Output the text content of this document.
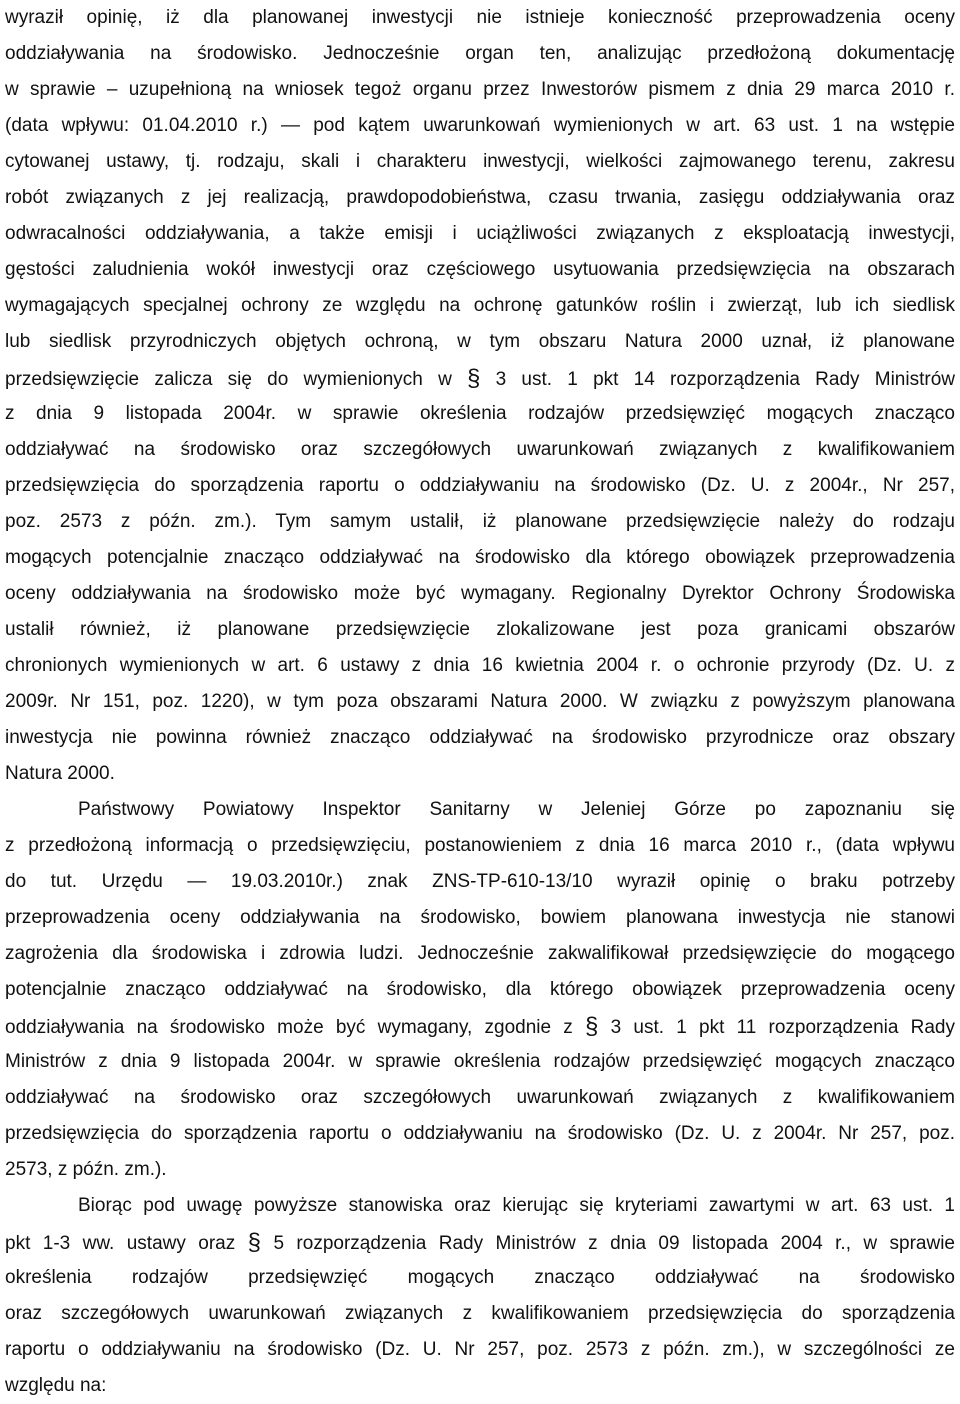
wyraził opinię, iż dla planowanej inwestycji nie istnieje konieczność przeprowadzenia oceny
oddziaływania na środowisko. Jednocześnie organ ten, analizując przedłożoną dokumentację
w sprawie – uzupełnioną na wniosek tegoż organu przez Inwestorów pismem z dnia 29 marca 2010 r.
(data wpływu: 01.04.2010 r.) — pod kątem uwarunkowań wymienionych w art. 63 ust. 1 na wstępie
cytowanej ustawy, tj. rodzaju, skali i charakteru inwestycji, wielkości zajmowanego terenu, zakresu
robót związanych z jej realizacją, prawdopodobieństwa, czasu trwania, zasięgu oddziaływania oraz
odwracalności oddziaływania, a także emisji i uciążliwości związanych z eksploatacją inwestycji,
gęstości zaludnienia wokół inwestycji oraz częściowego usytuowania przedsięwzięcia na obszarach
wymagających specjalnej ochrony ze względu na ochronę gatunków roślin i zwierząt, lub ich siedlisk
lub siedlisk przyrodniczych objętych ochroną, w tym obszaru Natura 2000 uznał, iż planowane
przedsięwzięcie zalicza się do wymienionych w § 3 ust. 1 pkt 14 rozporządzenia Rady Ministrów
z dnia 9 listopada 2004r. w sprawie określenia rodzajów przedsięwzięć mogących znacząco
oddziaływać na środowisko oraz szczegółowych uwarunkowań związanych z kwalifikowaniem
przedsięwzięcia do sporządzenia raportu o oddziaływaniu na środowisko (Dz. U. z 2004r., Nr 257,
poz. 2573 z późn. zm.). Tym samym ustalił, iż planowane przedsięwzięcie należy do rodzaju
mogących potencjalnie znacząco oddziaływać na środowisko dla którego obowiązek przeprowadzenia
oceny oddziaływania na środowisko może być wymagany. Regionalny Dyrektor Ochrony Środowiska
ustalił również, iż planowane przedsięwzięcie zlokalizowane jest poza granicami obszarów
chronionych wymienionych w art. 6 ustawy z dnia 16 kwietnia 2004 r. o ochronie przyrody (Dz. U. z
2009r. Nr 151, poz. 1220), w tym poza obszarami Natura 2000. W związku z powyższym planowana
inwestycja nie powinna również znacząco oddziaływać na środowisko przyrodnicze oraz obszary
Natura 2000.
Państwowy Powiatowy Inspektor Sanitarny w Jeleniej Górze po zapoznaniu się
z przedłożoną informacją o przedsięwzięciu, postanowieniem z dnia 16 marca 2010 r., (data wpływu
do tut. Urzędu — 19.03.2010r.) znak ZNS-TP-610-13/10 wyraził opinię o braku potrzeby
przeprowadzenia oceny oddziaływania na środowisko, bowiem planowana inwestycja nie stanowi
zagrożenia dla środowiska i zdrowia ludzi. Jednocześnie zakwalifikował przedsięwzięcie do mogącego
potencjalnie znacząco oddziaływać na środowisko, dla którego obowiązek przeprowadzenia oceny
oddziaływania na środowisko może być wymagany, zgodnie z § 3 ust. 1 pkt 11 rozporządzenia Rady
Ministrów z dnia 9 listopada 2004r. w sprawie określenia rodzajów przedsięwzięć mogących znacząco
oddziaływać na środowisko oraz szczegółowych uwarunkowań związanych z kwalifikowaniem
przedsięwzięcia do sporządzenia raportu o oddziaływaniu na środowisko (Dz. U. z 2004r. Nr 257, poz.
2573, z późn. zm.).
Biorąc pod uwagę powyższe stanowiska oraz kierując się kryteriami zawartymi w art. 63 ust. 1
pkt 1-3 ww. ustawy oraz § 5 rozporządzenia Rady Ministrów z dnia 09 listopada 2004 r., w sprawie
określenia rodzajów przedsięwzięć mogących znacząco oddziaływać na środowisko
oraz szczegółowych uwarunkowań związanych z kwalifikowaniem przedsięwzięcia do sporządzenia
raportu o oddziaływaniu na środowisko (Dz. U. Nr 257, poz. 2573 z późn. zm.), w szczególności ze
względu na:
